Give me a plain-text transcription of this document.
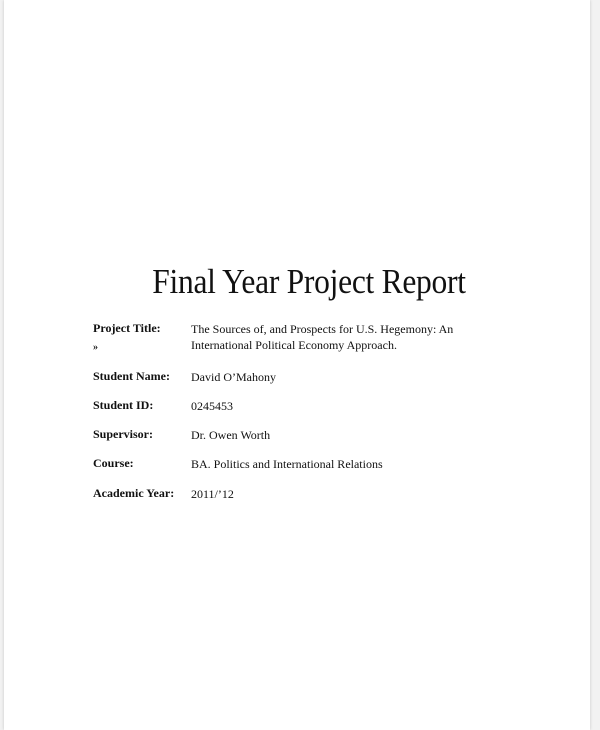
Final Year Project Report
Project Title:	The Sources of, and Prospects for U.S. Hegemony: An International Political Economy Approach.
»
Student Name: David O’Mahony
Student ID:	0245453
Supervisor:	Dr. Owen Worth
Course:	BA. Politics and International Relations
Academic Year: 2011/’12
